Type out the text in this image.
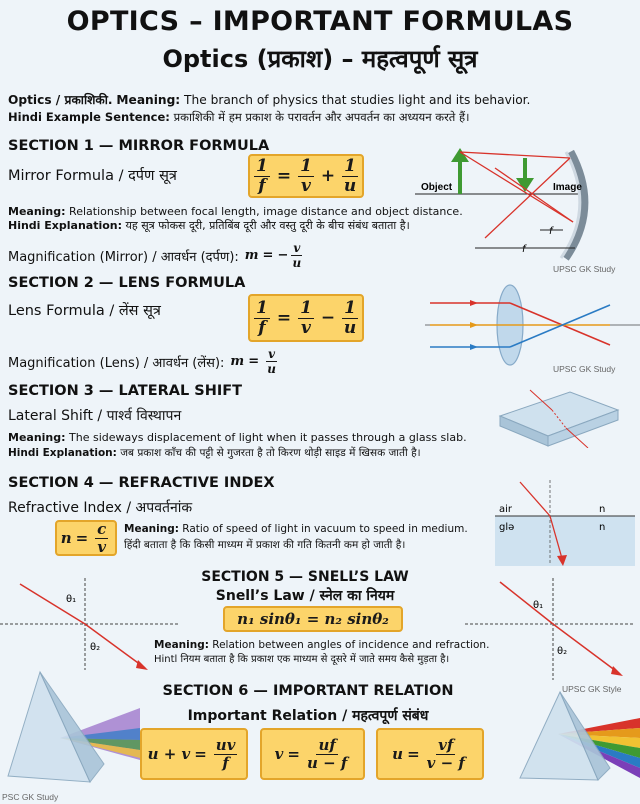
OPTICS – IMPORTANT FORMULAS
Optics (प्रकाश) – महत्वपूर्ण सूत्र
Optics / प्रकाशिकी. Meaning: The branch of physics that studies light and its behavior.
Hindi Example Sentence: प्रकाशिकी में हम प्रकाश के परावर्तन और अपवर्तन का अध्ययन करते हैं।
SECTION 1 — MIRROR FORMULA
Mirror Formula / दर्पण सूत्र	$\frac{1}{f} = \frac{1}{v} + \frac{1}{u}$	Object	Image
f
f
Meaning: Relationship between focal length, image distance and object distance.
Hindi Explanation: यह सूत्र फोकस दूरी, प्रतिबिंब दूरी और वस्तु दूरी के बीच संबंध बताता है।
Magnification (Mirror) / आवर्धन (दर्पण): m = − $\frac{v}{u}$	UPSC GK Study
SECTION 2 — LENS FORMULA
Lens Formula / लेंस सूत्र	$\frac{1}{f} = \frac{1}{v} - \frac{1}{u}$
Magnification (Lens) / आवर्धन (लेंस): $m = \frac{v}{u}$	UPSC GK Study
SECTION 3 — LATERAL SHIFT
Lateral Shift / पार्श्व विस्थापन
Meaning: The sideways displacement of light when it passes through a glass slab.
Hindi Explanation: जब प्रकाश काँच की पट्टी से गुजरता है तो किरण थोड़ी साइड में खिसक जाती है।
SECTION 4 — REFRACTIVE INDEX
Refractive Index / अपवर्तनांक
$n = \frac{c}{v}$ Meaning: Ratio of speed of light in vacuum to speed in medium.
हिंदी बताता है कि किसी माध्यम में प्रकाश की गति कितनी कम हो जाती है।
air
glə
n
n
SECTION 5 — SNELL’S LAW
Snell’s Law / स्नेल का नियम
n₁ sinθ₁ = n₂ sinθ₂
Meaning: Relation between angles of incidence and refraction.
Hintl नियम बताता है कि प्रकाश एक माध्यम से दूसरे में जाते समय कैसे मुड़ता है।
θ₁
θ₂
θ₁
θ₂
SECTION 6 — IMPORTANT RELATION
Important Relation / महत्वपूर्ण संबंध
$u + v = \frac{uv}{f}$ $v = \frac{uf}{u - f}$	$u = \frac{vf}{v - f}$
UPSC GK Style
PSC GK Study
